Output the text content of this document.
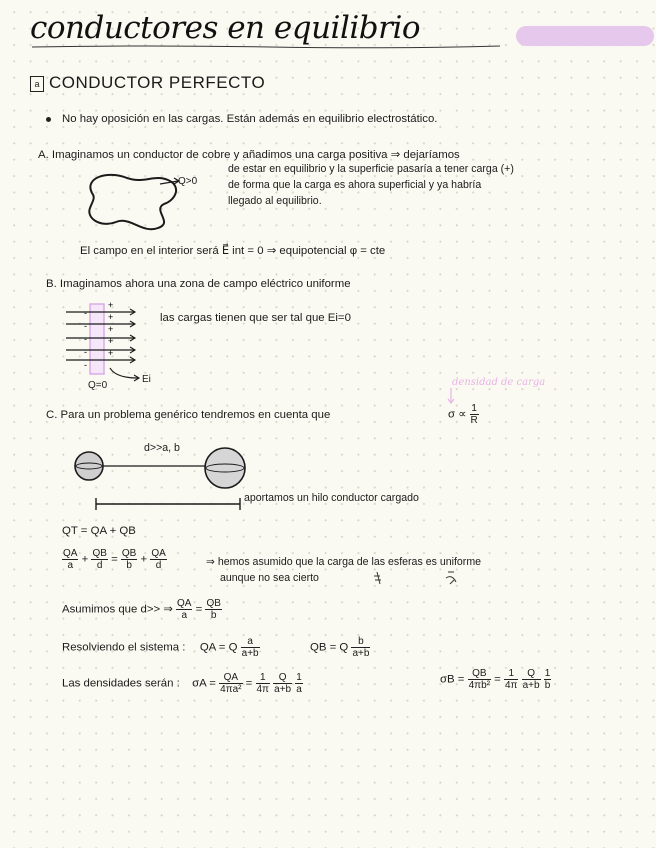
conductores en equilibrio
a CONDUCTOR PERFECTO
No hay oposición en las cargas. Están además en equilibrio electrostático.
A. Imaginamos un conductor de cobre y añadimos una carga positiva ⇒ dejaríamos
de estar en equilibrio y la superficie pasaría a tener carga (+)
de forma que la carga es ahora superficial y ya habría
llegado al equilibrio.
Q>0
El campo en el interior será E⃗ int = 0 ⇒ equipotencial φ = cte
B. Imaginamos ahora una zona de campo eléctrico uniforme
-
-
-
-
-
+
+
+
+
+
las cargas tienen que ser tal que Ei=0
Q=0
Ei	densidad de carga
C. Para un problema genérico tendremos en cuenta que	$\sigma \propto \frac{1}{R}$
d>>a, b
aportamos un hilo conductor cargado
QT = QA + QB
$\frac{QA}{a} + \frac{QB}{d} = \frac{QB}{b} + \frac{QA}{d}$	⇒ hemos asumido que la carga de las esferas es uniforme
aunque no sea cierto
Asumimos que d>> ⇒ $\frac{QA}{a} = \frac{QB}{b}$
Resolviendo el sistema : QA = Q $\frac{a}{a+b}$	QB = Q $\frac{b}{a+b}$
Las densidades serán : $\sigma A = \frac{QA}{\text{4πa²}} = \frac{1}{4\pi}$
$\frac{Q}{a+b}$
$\frac{1}{a}$	$\sigma B = \frac{QB}{\text{4πb²}} = \frac{1}{4\pi}$
$\frac{Q}{a+b}$
$\frac{1}{b}$
